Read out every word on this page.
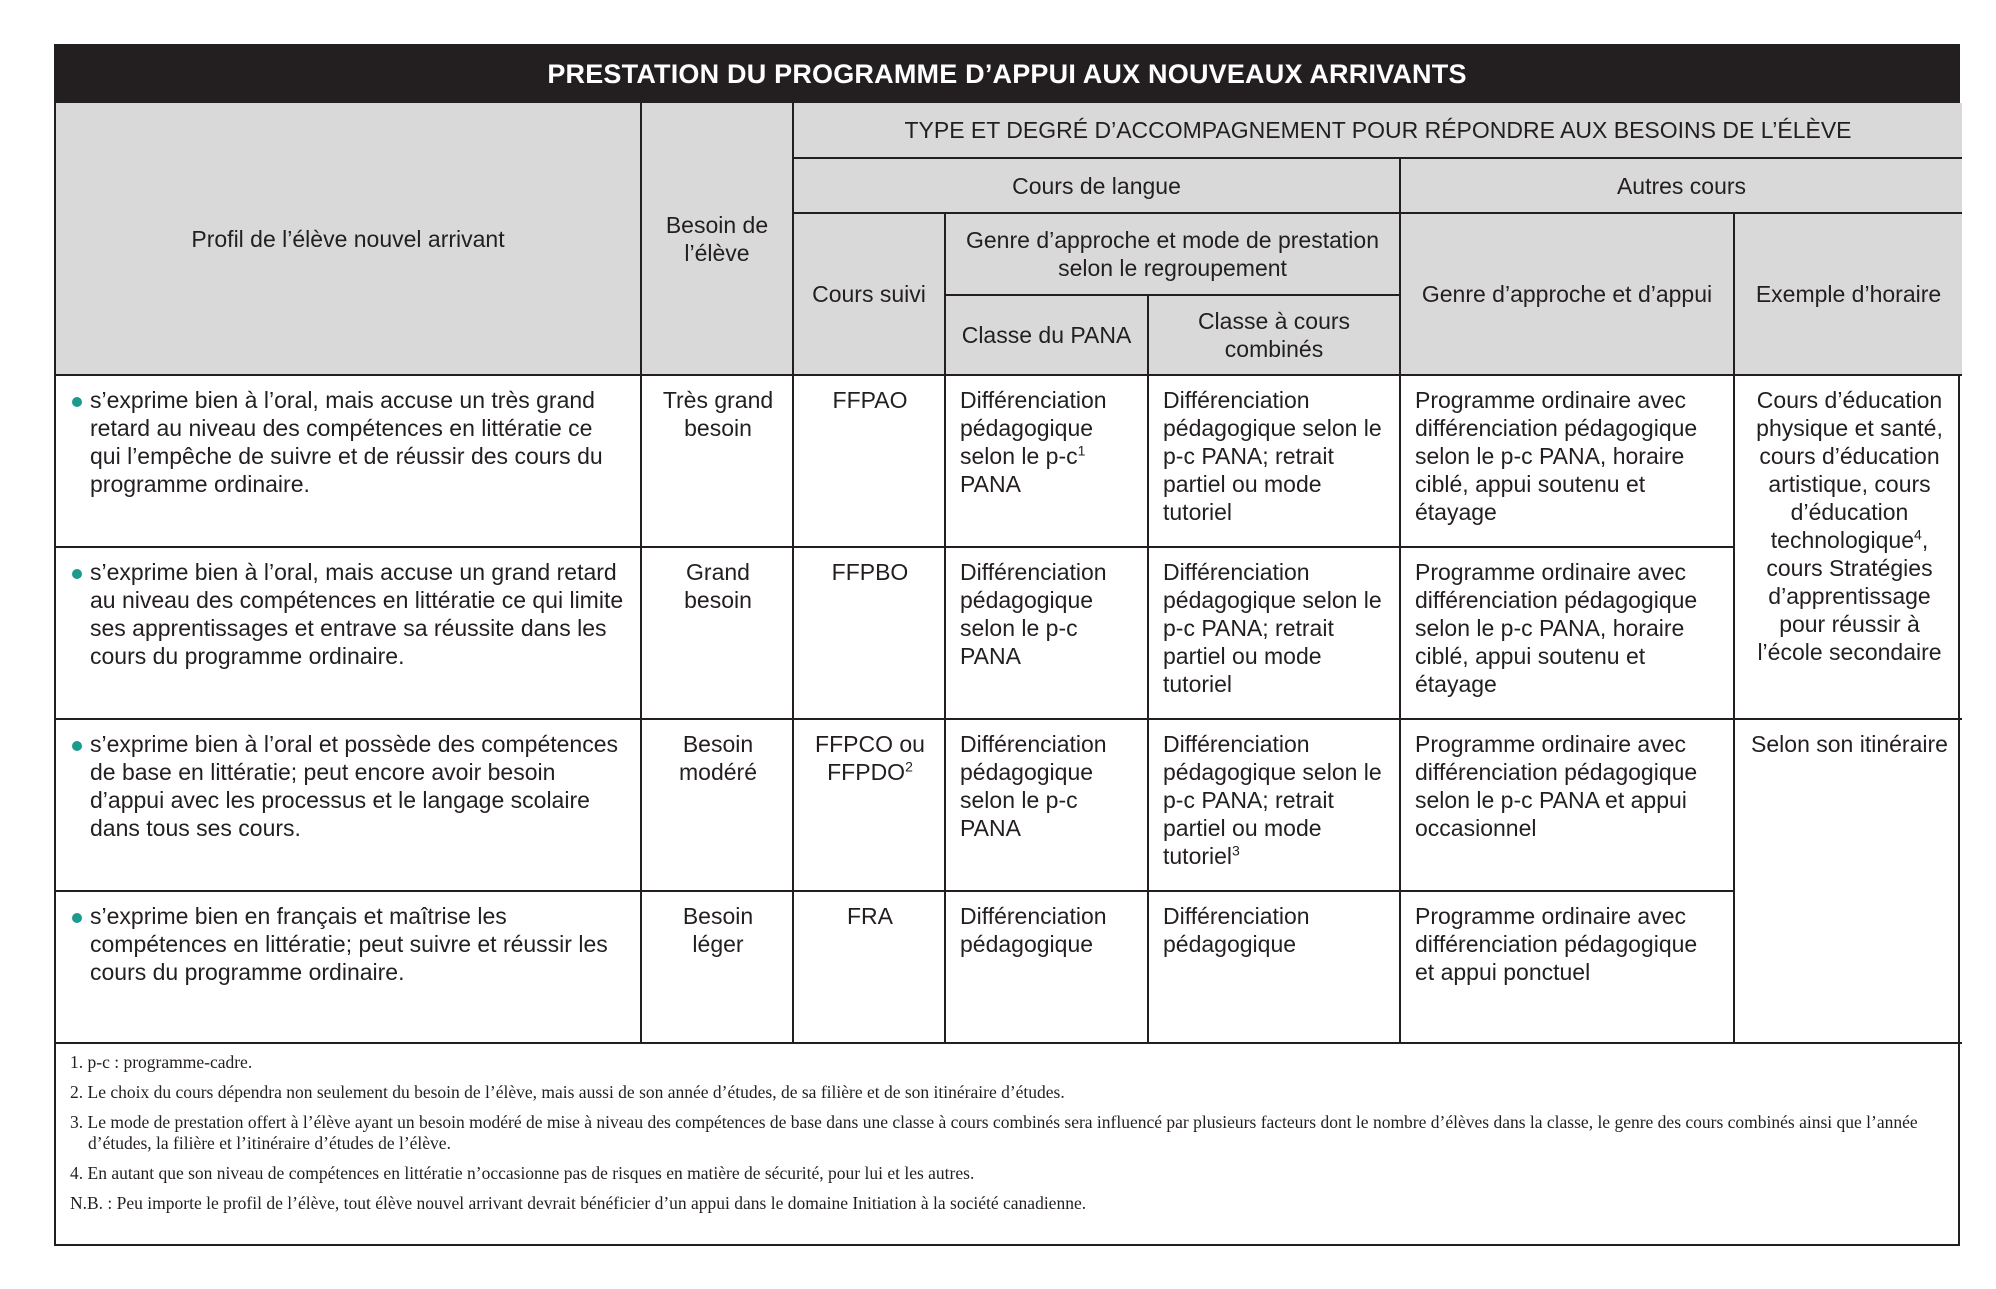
PRESTATION DU PROGRAMME D’APPUI AUX NOUVEAUX ARRIVANTS
Profil de l’élève nouvel arrivant	Besoin de l’élève	TYPE ET DEGRÉ D’ACCOMPAGNEMENT POUR RÉPONDRE AUX BESOINS DE L’ÉLÈVE				
		Cours de langue			Autres cours	
		Cours suivi	Genre d’approche et mode de prestation selon le regroupement		Genre d’approche et d’appui	Exemple d’horaire
			Classe du PANA	Classe à cours combinés		

s’exprime bien à l’oral, mais accuse un très grand retard au niveau des compétences en littératie ce qui l’empêche de suivre et de réussir des cours du programme ordinaire.	Très grand besoin	FFPAO	Différenciation pédagogique selon le $p-c^1$ PANA	Différenciation pédagogique selon le p-c PANA; retrait partiel ou mode tutoriel	Programme ordinaire avec différenciation pédagogique selon le p-c PANA, horaire ciblé, appui soutenu et étayage	Cours d’éducation physique et santé, cours d’éducation artistique, cours d’éducation technologique$^4$, cours Stratégies d’apprentissage pour réussir à l’école secondaire

s’exprime bien à l’oral, mais accuse un grand retard au niveau des compétences en littératie ce qui limite ses apprentissages et entrave sa réussite dans les cours du programme ordinaire.	Grand besoin	FFPBO	Différenciation pédagogique selon le p-c PANA	Différenciation pédagogique selon le p-c PANA; retrait partiel ou mode tutoriel	Programme ordinaire avec différenciation pédagogique selon le p-c PANA, horaire ciblé, appui soutenu et étayage	

s’exprime bien à l’oral et possède des compétences de base en littératie; peut encore avoir besoin d’appui avec les processus et le langage scolaire dans tous ses cours.	Besoin modéré	FFPCO ou FFPDO$^2$	Différenciation pédagogique selon le p-c PANA	Différenciation pédagogique selon le p-c PANA; retrait partiel ou mode tutoriel$^3$	Programme ordinaire avec différenciation pédagogique selon le p-c PANA et appui occasionnel	Selon son itinéraire

s’exprime bien en français et maîtrise les compétences en littératie; peut suivre et réussir les cours du programme ordinaire.	Besoin léger	FRA	Différenciation pédagogique	Différenciation pédagogique	Programme ordinaire avec différenciation pédagogique et appui ponctuel	
1. p-c : programme-cadre.
2. Le choix du cours dépendra non seulement du besoin de l’élève, mais aussi de son année d’études, de sa filière et de son itinéraire d’études.
3. Le mode de prestation offert à l’élève ayant un besoin modéré de mise à niveau des compétences de base dans une classe à cours combinés sera influencé par plusieurs facteurs dont le nombre d’élèves dans la classe, le genre des cours combinés ainsi que l’année d’études, la filière et l’itinéraire d’études de l’élève.
4. En autant que son niveau de compétences en littératie n’occasionne pas de risques en matière de sécurité, pour lui et les autres.
N.B. : Peu importe le profil de l’élève, tout élève nouvel arrivant devrait bénéficier d’un appui dans le domaine Initiation à la société canadienne.
